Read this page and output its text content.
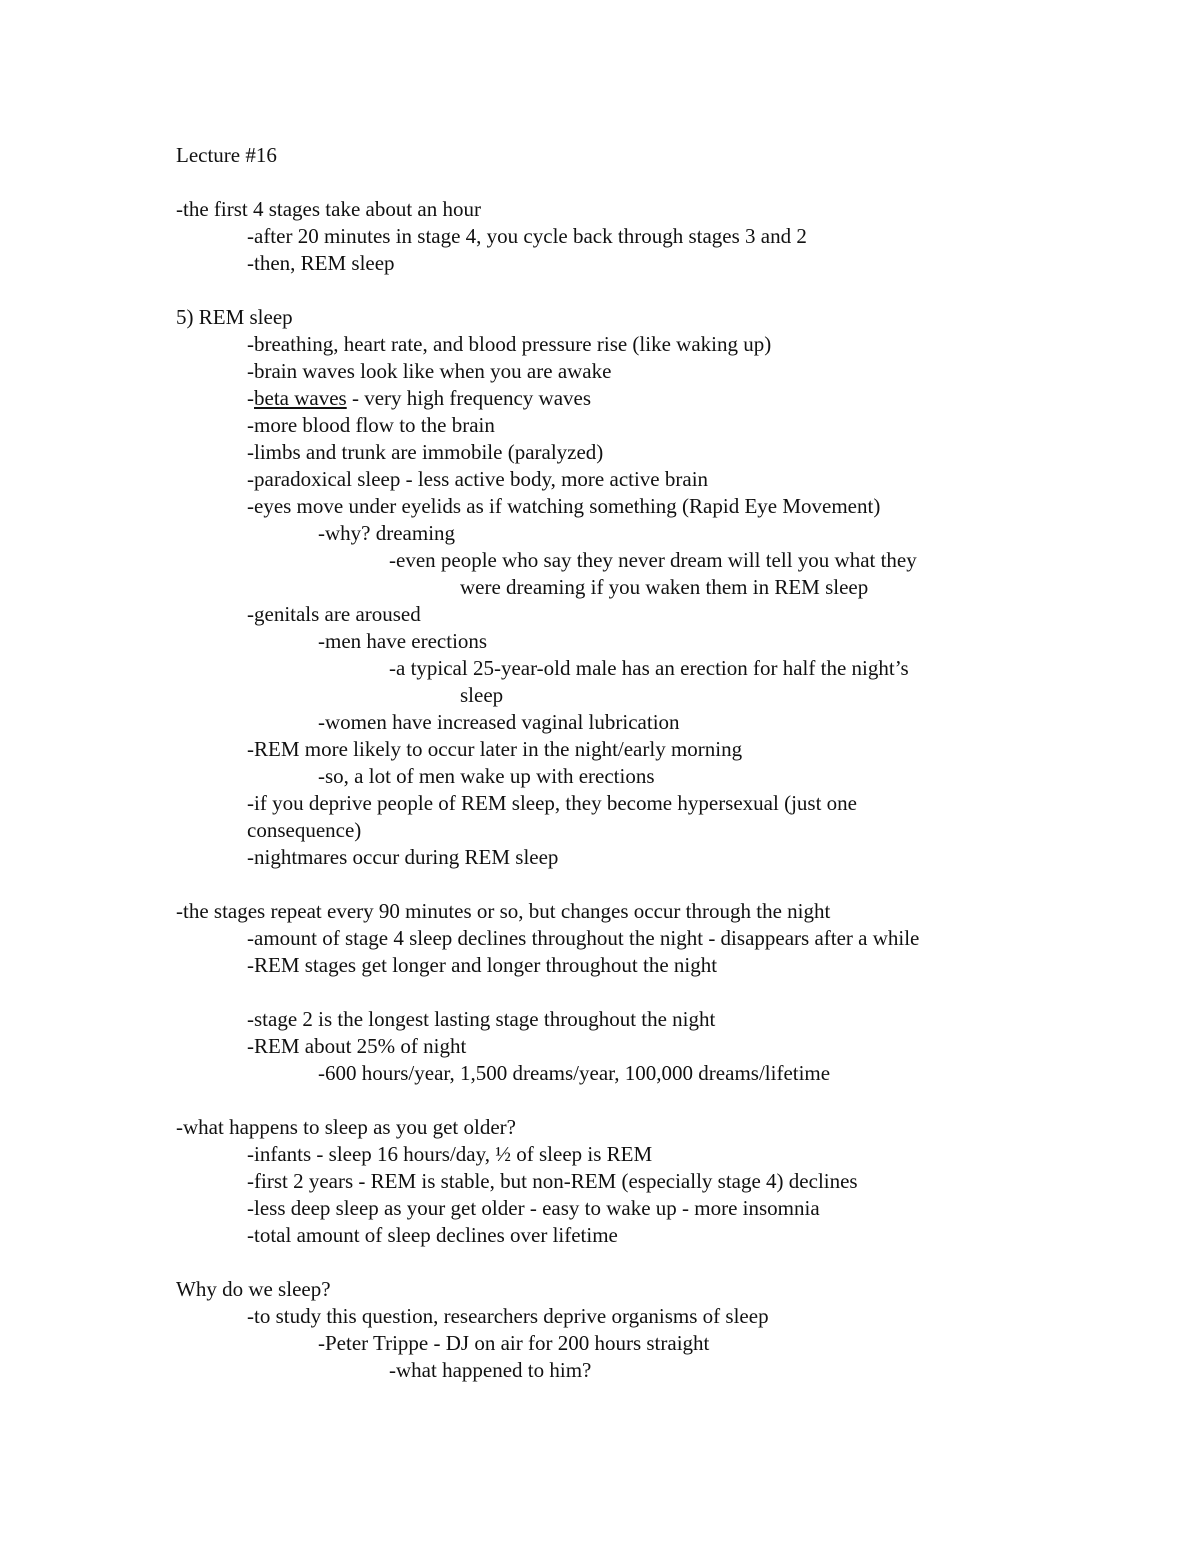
Lecture #16
-the first 4 stages take about an hour
-after 20 minutes in stage 4, you cycle back through stages 3 and 2
-then, REM sleep
5) REM sleep
-breathing, heart rate, and blood pressure rise (like waking up)
-brain waves look like when you are awake
-beta waves - very high frequency waves
-more blood flow to the brain
-limbs and trunk are immobile (paralyzed)
-paradoxical sleep - less active body, more active brain
-eyes move under eyelids as if watching something (Rapid Eye Movement)
-why? dreaming
-even people who say they never dream will tell you what they
were dreaming if you waken them in REM sleep
-genitals are aroused
-men have erections
-a typical 25-year-old male has an erection for half the night’s
sleep
-women have increased vaginal lubrication
-REM more likely to occur later in the night/early morning
-so, a lot of men wake up with erections
-if you deprive people of REM sleep, they become hypersexual (just one
consequence)
-nightmares occur during REM sleep
-the stages repeat every 90 minutes or so, but changes occur through the night
-amount of stage 4 sleep declines throughout the night - disappears after a while
-REM stages get longer and longer throughout the night
-stage 2 is the longest lasting stage throughout the night
-REM about 25% of night
-600 hours/year, 1,500 dreams/year, 100,000 dreams/lifetime
-what happens to sleep as you get older?
-infants - sleep 16 hours/day, ½ of sleep is REM
-first 2 years - REM is stable, but non-REM (especially stage 4) declines
-less deep sleep as your get older - easy to wake up - more insomnia
-total amount of sleep declines over lifetime
Why do we sleep?
-to study this question, researchers deprive organisms of sleep
-Peter Trippe - DJ on air for 200 hours straight
-what happened to him?
